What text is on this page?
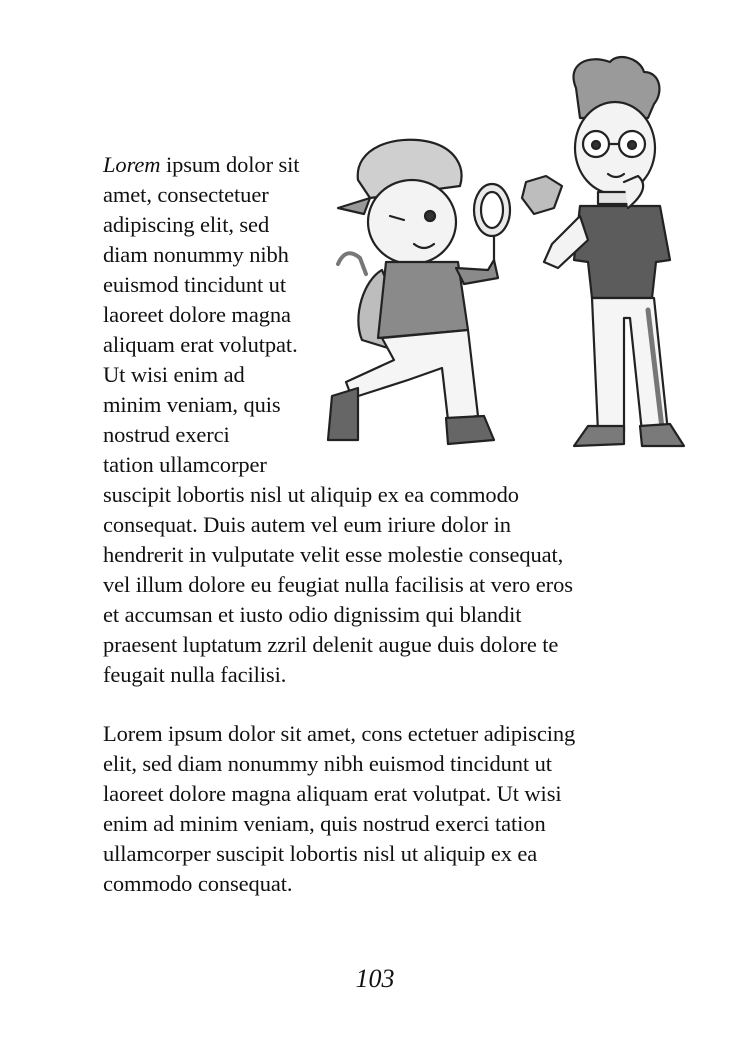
Lorem ipsum dolor sit
amet, consectetuer
adipiscing elit, sed
diam nonummy nibh
euismod tincidunt ut
laoreet dolore magna
aliquam erat volutpat.
Ut wisi enim ad
minim veniam, quis
nostrud exerci
tation ullamcorper

suscipit lobortis nisl ut aliquip ex ea commodo
consequat. Duis autem vel eum iriure dolor in
hendrerit in vulputate velit esse molestie consequat,
vel illum dolore eu feugiat nulla facilisis at vero eros
et accumsan et iusto odio dignissim qui blandit
praesent luptatum zzril delenit augue duis dolore te
feugait nulla facilisi.

Lorem ipsum dolor sit amet, cons ectetuer adipiscing
elit, sed diam nonummy nibh euismod tincidunt ut
laoreet dolore magna aliquam erat volutpat. Ut wisi
enim ad minim veniam, quis nostrud exerci tation
ullamcorper suscipit lobortis nisl ut aliquip ex ea
commodo consequat.

103
